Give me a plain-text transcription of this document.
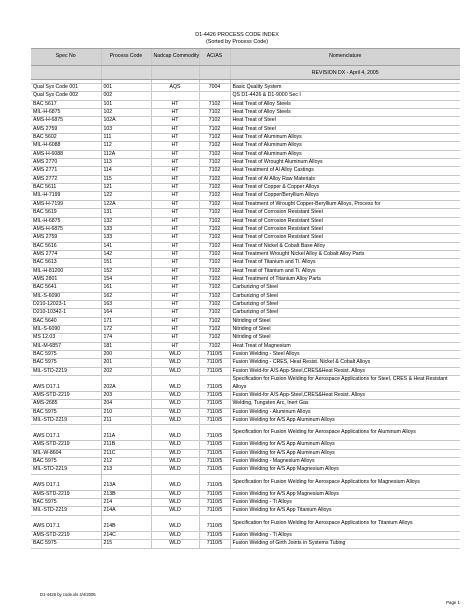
D1-4426 PROCESS CODE INDEX
(Sorted by Process Code)
Spec No	Process Code	Nadcap Commodity	AC/AS	Nomenclature
				REVISION DX - April 4, 2005

Qual Sys Code 001	001	AQS	7004	Basic Quality System
Qual Sys Code 002	002			QS D1-4426 & D1-9000 Sec I
BAC 5617	101	HT	7102	Heat Treat of Alloy Steels
MIL-H-6875	102	HT	7102	Heat Treat of Alloy Steels
AMS-H-6875	102A	HT	7102	Heat Treat of Steel
AMS 2759	103	HT	7102	Heat Treat of Steel
BAC 5602	111	HT	7102	Heat Treat of Aluminum Alloys
MIL-H-6088	112	HT	7102	Heat Treat of Aluminum Alloys
AMS-H-6088	112A	HT	7102	Heat Treat of Aluminum Alloys
AMS 2770	113	HT	7102	Heat Treat of Wrought Aluminum Alloys
AMS 2771	114	HT	7102	Heat Treatment of Al Alloy Castings
AMS 2772	115	HT	7102	Heat Treat of Al Alloy Raw Materials
BAC 5611	121	HT	7102	Heat Treat of Copper & Copper Alloys
MIL-H-7199	122	HT	7102	Heat Treat of Copper/Beryllium Alloys
AMS-H-7199	122A	HT	7102	Heat Treatment of Wrought Copper-Beryllium Alloys, Process for
BAC 5619	131	HT	7102	Heat Treat of Corrosion Resistant Steel
MIL-H-6875	132	HT	7102	Heat Treat of Corrosion Resistant Steel
AMS-H-6875	133	HT	7102	Heat Treat of Corrosion Resistant Steel
AMS 2759	133	HT	7102	Heat Treat of Corrosion Resistant Steel
BAC 5616	141	HT	7102	Heat Treat of Nickel & Cobalt Base Alloy
AMS 2774	142	HT	7102	Heat Treatment Wrought Nickel Alloy & Cobalt Alloy Parts
BAC 5613	151	HT	7102	Heat Treat of Titanium and Ti. Alloys
MIL-H-81200	152	HT	7102	Heat Treat of Titanium and Ti. Alloys
AMS 2801	154	HT	7102	Heat Treatment of Titanium Alloy Parts
BAC 5641	161	HT	7102	Carburizing of Steel
MIL-S-6090	162	HT	7102	Carburizing of Steel
D210-12023-1	163	HT	7102	Carburizing of Steel
D210-10342-1	164	HT	7102	Carburizing of Steel
BAC 5640	171	HT	7102	Nitriding of Steel
MIL-S-6090	172	HT	7102	Nitriding of Steel
MS 12.03	174	HT	7102	Nitriding of Steel
MIL-M-6857	181	HT	7102	Heat Treat of Magnesium
BAC 5975	200	WLD	7110/5	Fusion Welding - Steel Alloys
BAC 5975	201	WLD	7110/5	Fusion Welding - CRES, Heat Resist. Nickel & Cobalt Alloys
MIL-STD-2219	202	WLD	7110/5	Fusion Weld-for A/S App-Steel,CRES&Heat Resist. Alloys
AWS D17.1	202A	WLD	7110/5	Specification for Fusion Welding for Aerospace Applications for Steel, CRES & Heat Resistant Alloys
AMS-STD-2219	203	WLD	7110/5	Fusion Weld-for A/S App-Steel,CRES&Heat Resist. Alloys
AMS-2685	204	WLD	7110/5	Welding, Tungsten Arc, Inert Gas
BAC 5975	210	WLD	7110/5	Fusion Welding - Aluminum Alloys
MIL-STD-2219	211	WLD	7110/5	Fusion Welding for A/S App Aluminum Alloys
AWS D17.1	211A	WLD	7110/5	Specification for Fusion Welding for Aerospace Applications for Aluminum Alloys
AMS-STD-2219	211B	WLD	7110/5	Fusion Welding for A/S App Aluminum Alloys
MIL-W-8604	211C	WLD	7110/5	Fusion Welding for A/S App Aluminum Alloys
BAC 5975	212	WLD	7110/5	Fusion Welding - Magnesium Alloys
MIL-STD-2219	213	WLD	7110/5	Fusion Welding for A/S App Magnesium Alloys
AWS D17.1	213A	WLD	7110/5	Specification for Fusion Welding for Aerospace Applications for Magnesium Alloys
AMS-STD-2219	213B	WLD	7110/5	Fusion Welding for A/S App Magnesium Alloys
BAC 5975	214	WLD	7110/5	Fusion Welding - Ti Alloys
MIL-STD-2219	214A	WLD	7110/5	Fusion Welding for A/S App Titanium Alloys
AWS D17.1	214B	WLD	7110/5	Specification for Fusion Welding for Aerospace Applications for Titanium Alloys
AMS-STD-2219	214C	WLD	7110/5	Fusion Welding - Ti Alloys
BAC 5975	215	WLD	7110/5	Fusion Welding of Girth Joints in Systems Tubing
D1-4426 by code.xls 4/4/2005
Page 1
